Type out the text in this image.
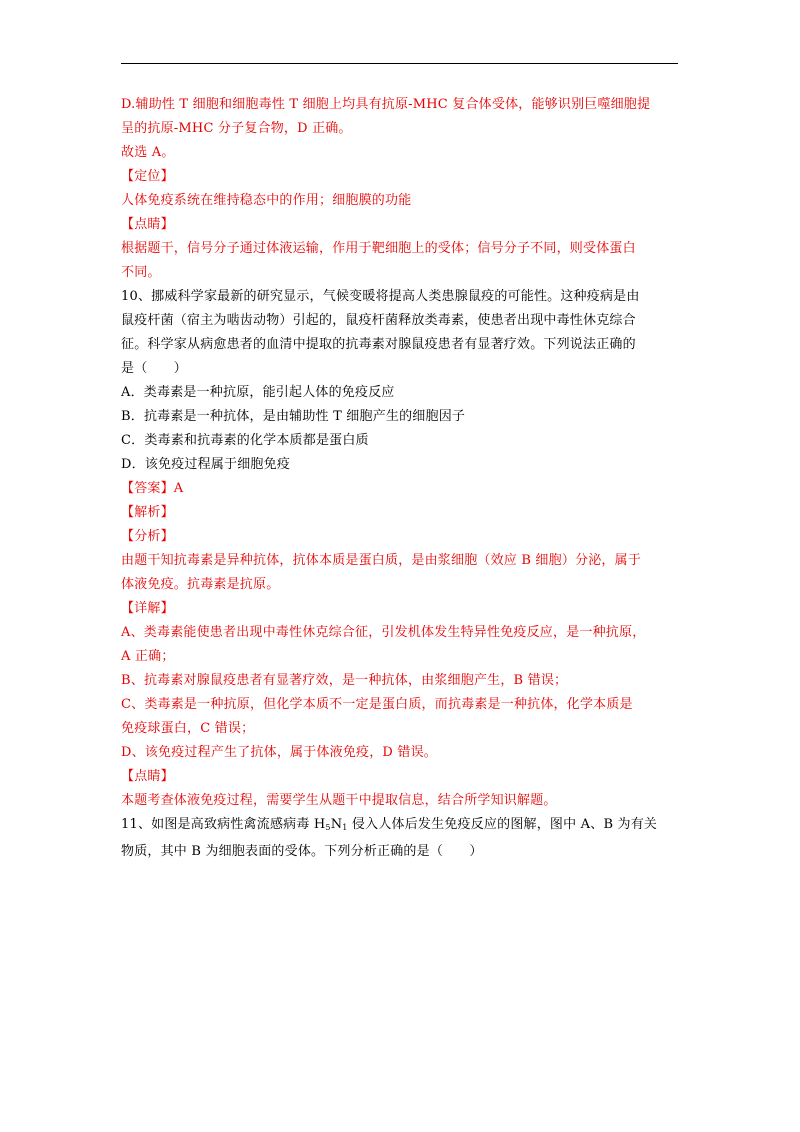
D.辅助性 T 细胞和细胞毒性 T 细胞上均具有抗原-MHC 复合体受体，能够识别巨噬细胞提
呈的抗原-MHC 分子复合物，D 正确。
故选 A。
【定位】
人体免疫系统在维持稳态中的作用；细胞膜的功能
【点睛】
根据题干，信号分子通过体液运输，作用于靶细胞上的受体；信号分子不同，则受体蛋白
不同。
10、挪威科学家最新的研究显示，气候变暖将提高人类患腺鼠疫的可能性。这种疫病是由
鼠疫杆菌（宿主为啮齿动物）引起的，鼠疫杆菌释放类毒素，使患者出现中毒性休克综合
征。科学家从病愈患者的血清中提取的抗毒素对腺鼠疫患者有显著疗效。下列说法正确的
是（　　）
A．类毒素是一种抗原，能引起人体的免疫反应
B．抗毒素是一种抗体，是由辅助性 T 细胞产生的细胞因子
C．类毒素和抗毒素的化学本质都是蛋白质
D．该免疫过程属于细胞免疫
【答案】A
【解析】
【分析】
由题干知抗毒素是异种抗体，抗体本质是蛋白质，是由浆细胞（效应 B 细胞）分泌，属于
体液免疫。抗毒素是抗原。
【详解】
A、类毒素能使患者出现中毒性休克综合征，引发机体发生特异性免疫反应，是一种抗原，
A 正确；
B、抗毒素对腺鼠疫患者有显著疗效，是一种抗体，由浆细胞产生，B 错误；
C、类毒素是一种抗原，但化学本质不一定是蛋白质，而抗毒素是一种抗体，化学本质是
免疫球蛋白，C 错误；
D、该免疫过程产生了抗体，属于体液免疫，D 错误。
【点睛】
本题考查体液免疫过程，需要学生从题干中提取信息，结合所学知识解题。
11、如图是高致病性禽流感病毒 $H_5N_1$ 侵入人体后发生免疫反应的图解，图中 A、B 为有关
物质，其中 B 为细胞表面的受体。下列分析正确的是（　　）
